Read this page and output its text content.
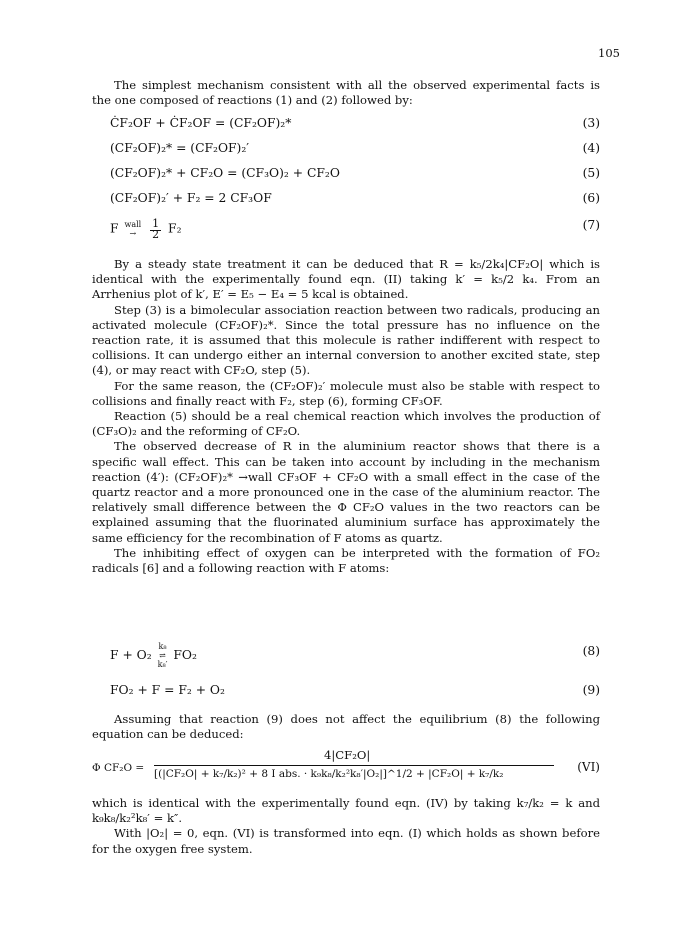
105

The simplest mechanism consistent with all the observed experimental facts is the one composed of reactions (1) and (2) followed by:

ĊF₂OF + ĊF₂OF = (CF₂OF)₂*	(3)
(CF₂OF)₂* = (CF₂OF)₂′	(4)
(CF₂OF)₂* + CF₂O = (CF₃O)₂ + CF₂O	(5)
(CF₂OF)₂′ + F₂ = 2 CF₃OF	(6)
F wall
→ $\frac{1}{2} F_2$	(7)

By a steady state treatment it can be deduced that R = k₅/2k₄|CF₂O| which is identical with the experimentally found eqn. (II) taking k′ = k₅/2 k₄. From an Arrhenius plot of k′, E′ = E₅ − E₄ = 5 kcal is obtained.

Step (3) is a bimolecular association reaction between two radicals, producing an activated molecule (CF₂OF)₂*. Since the total pressure has no influence on the reaction rate, it is assumed that this molecule is rather indifferent with respect to collisions. It can undergo either an internal conversion to another excited state, step (4), or may react with CF₂O, step (5).

For the same reason, the (CF₂OF)₂′ molecule must also be stable with respect to collisions and finally react with F₂, step (6), forming CF₃OF.

Reaction (5) should be a real chemical reaction which involves the production of (CF₃O)₂ and the reforming of CF₂O.

The observed decrease of R in the aluminium reactor shows that there is a specific wall effect. This can be taken into account by including in the mechanism reaction (4′): (CF₂OF)₂* →wall CF₃OF + CF₂O with a small effect in the case of the quartz reactor and a more pronounced one in the case of the aluminium reactor. The relatively small difference between the Φ CF₂O values in the two reactors can be explained assuming that the fluorinated aluminium surface has approximately the same efficiency for the recombination of F atoms as quartz.

The inhibiting effect of oxygen can be interpreted with the formation of FO₂ radicals [6] and a following reaction with F atoms:

F + O₂ k₈
⇌
k₈′ FO₂	(8)
FO₂ + F = F₂ + O₂	(9)

Assuming that reaction (9) does not affect the equilibrium (8) the following equation can be deduced:

Φ CF₂O =
4|CF₂O|
[(|CF₂O| + k₇/k₂)² + 8 I abs. · k₉k₈/k₂²k₈′|O₂|]^1/2 + |CF₂O| + k₇/k₂	(VI)

which is identical with the experimentally found eqn. (IV) by taking k₇/k₂ = k and k₉k₈/k₂²k₈′ = k″.

With |O₂| = 0, eqn. (VI) is transformed into eqn. (I) which holds as shown before for the oxygen free system.
